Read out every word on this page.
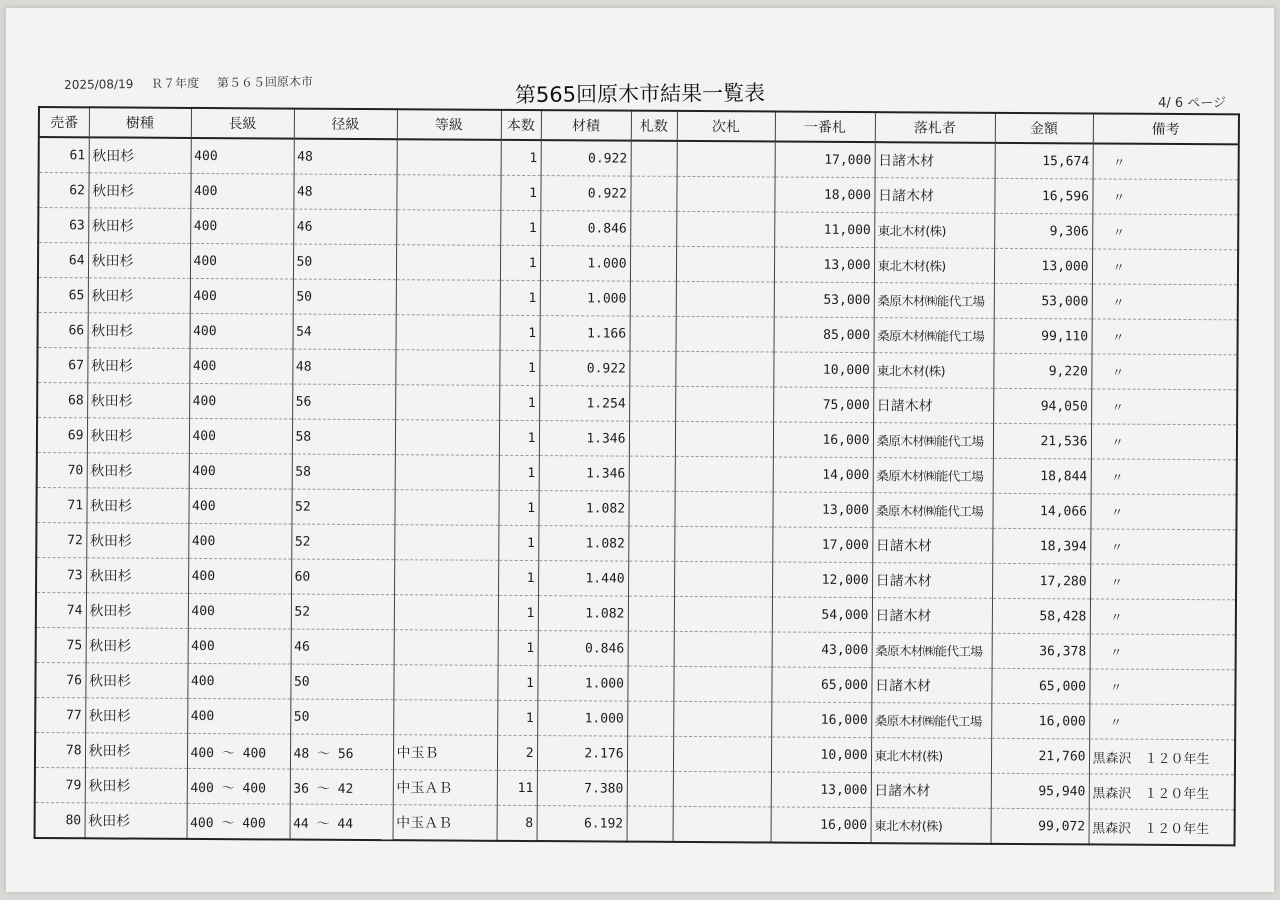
2025/08/19 Ｒ７年度 第５６５回原木市
4/ 6 ページ
第565回原木市結果一覧表
売番	樹種	長級	径級	等級	本数	材積	札数	次札	一番札	落札者	金額	備考
61	秋田杉	400	48		1	0.922			17,000	日諸木材	15,674	〃
62	秋田杉	400	48		1	0.922			18,000	日諸木材	16,596	〃
63	秋田杉	400	46		1	0.846			11,000	東北木材(株)	9,306	〃
64	秋田杉	400	50		1	1.000			13,000	東北木材(株)	13,000	〃
65	秋田杉	400	50		1	1.000			53,000	桑原木材㈱能代工場	53,000	〃
66	秋田杉	400	54		1	1.166			85,000	桑原木材㈱能代工場	99,110	〃
67	秋田杉	400	48		1	0.922			10,000	東北木材(株)	9,220	〃
68	秋田杉	400	56		1	1.254			75,000	日諸木材	94,050	〃
69	秋田杉	400	58		1	1.346			16,000	桑原木材㈱能代工場	21,536	〃
70	秋田杉	400	58		1	1.346			14,000	桑原木材㈱能代工場	18,844	〃
71	秋田杉	400	52		1	1.082			13,000	桑原木材㈱能代工場	14,066	〃
72	秋田杉	400	52		1	1.082			17,000	日諸木材	18,394	〃
73	秋田杉	400	60		1	1.440			12,000	日諸木材	17,280	〃
74	秋田杉	400	52		1	1.082			54,000	日諸木材	58,428	〃
75	秋田杉	400	46		1	0.846			43,000	桑原木材㈱能代工場	36,378	〃
76	秋田杉	400	50		1	1.000			65,000	日諸木材	65,000	〃
77	秋田杉	400	50		1	1.000			16,000	桑原木材㈱能代工場	16,000	〃
78	秋田杉	400 ～ 400	48 ～ 56	中玉Ｂ	2	2.176			10,000	東北木材(株)	21,760	黒森沢　１２０年生
79	秋田杉	400 ～ 400	36 ～ 42	中玉ＡＢ	11	7.380			13,000	日諸木材	95,940	黒森沢　１２０年生
80	秋田杉	400 ～ 400	44 ～ 44	中玉ＡＢ	8	6.192			16,000	東北木材(株)	99,072	黒森沢　１２０年生
